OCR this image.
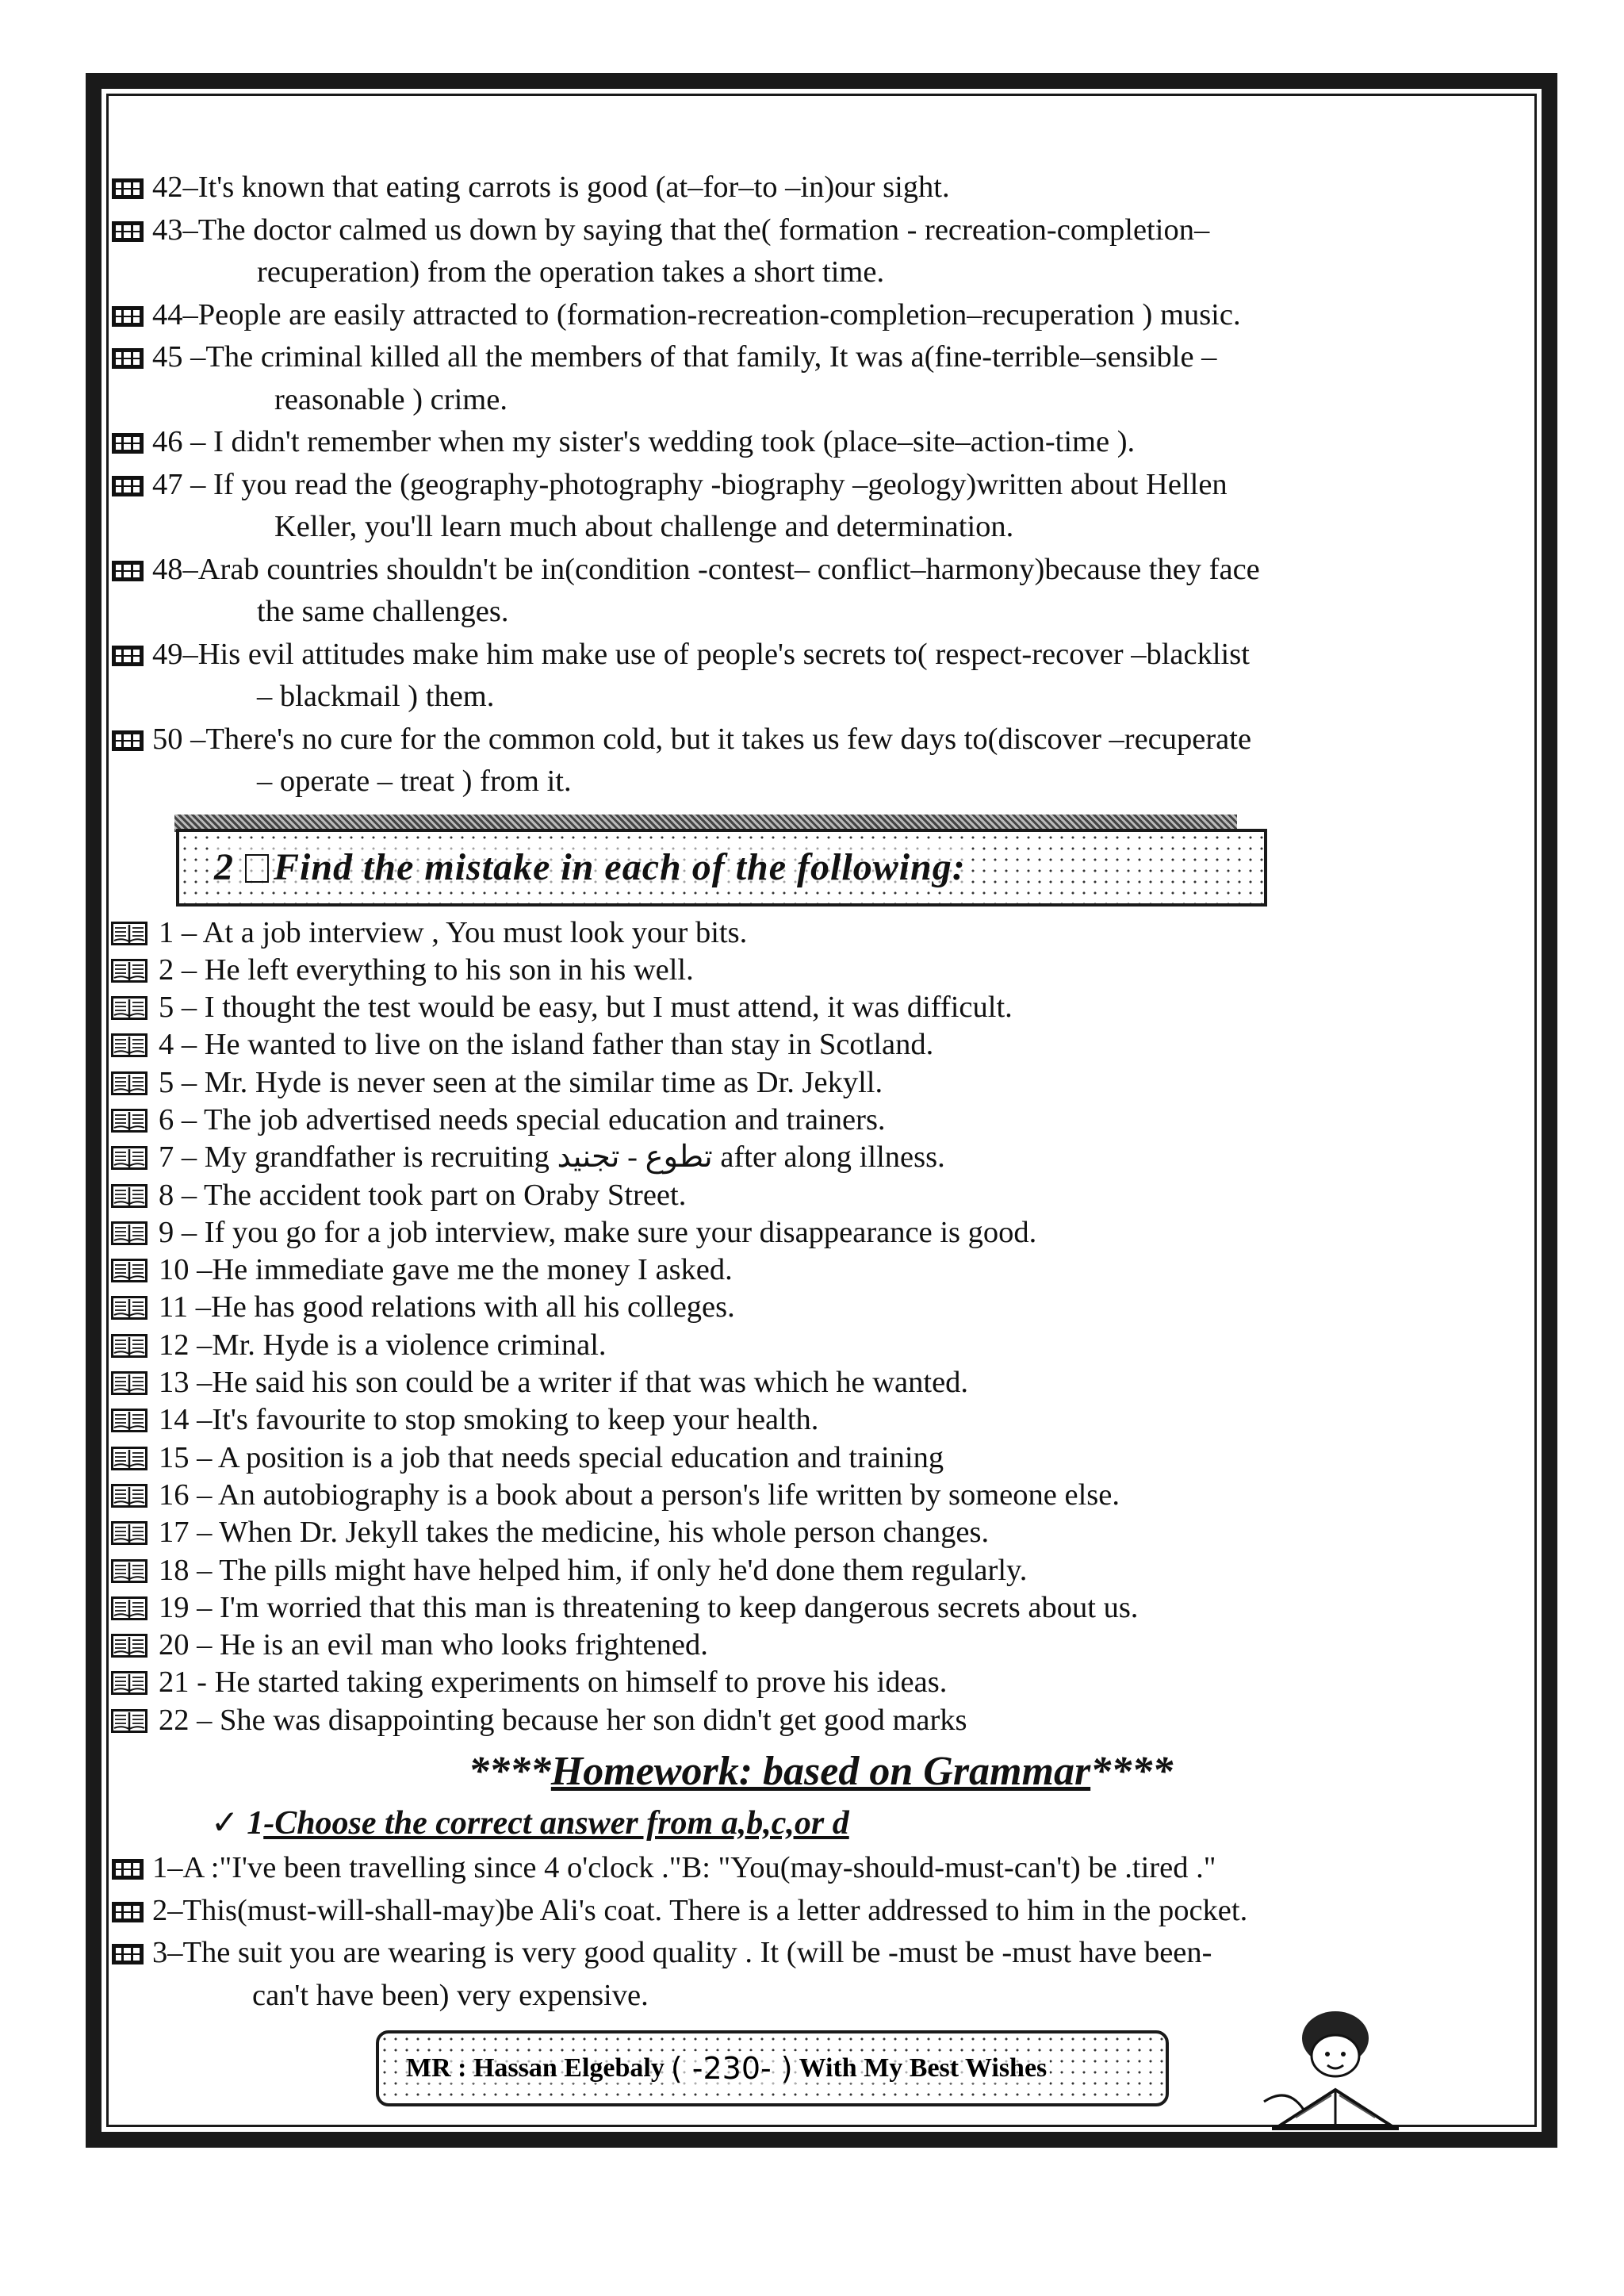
42–It's known that eating carrots is good (at–for–to –in)our sight.
43–The doctor calmed us down by saying that the( formation - recreation-completion–
recuperation) from the operation takes a short time.
44–People are easily attracted to (formation-recreation-completion–recuperation ) music.
45 –The criminal killed all the members of that family, It was a(fine-terrible–sensible –
reasonable ) crime.
46 – I didn't remember when my sister's wedding took (place–site–action-time ).
47 – If you read the (geography-photography -biography –geology)written about Hellen
Keller, you'll learn much about challenge and determination.
48–Arab countries shouldn't be in(condition -contest– conflict–harmony)because they face
the same challenges.
49–His evil attitudes make him make use of people's secrets to( respect-recover –blacklist
– blackmail ) them.
50 –There's no cure for the common cold, but it takes us few days to(discover –recuperate
– operate – treat ) from it.
2 Find the mistake in each of the following:
1 – At a job interview , You must look your bits.
2 – He left everything to his son in his well.
5 – I thought the test would be easy, but I must attend, it was difficult.
4 – He wanted to live on the island father than stay in Scotland.
5 – Mr. Hyde is never seen at the similar time as Dr. Jekyll.
6 – The job advertised needs special education and trainers.
7 – My grandfather is recruiting تطوع - تجنيد after along illness.
8 – The accident took part on Oraby Street.
9 – If you go for a job interview, make sure your disappearance is good.
10 –He immediate gave me the money I asked.
11 –He has good relations with all his colleges.
12 –Mr. Hyde is a violence criminal.
13 –He said his son could be a writer if that was which he wanted.
14 –It's favourite to stop smoking to keep your health.
15 – A position is a job that needs special education and training
16 – An autobiography is a book about a person's life written by someone else.
17 – When Dr. Jekyll takes the medicine, his whole person changes.
18 – The pills might have helped him, if only he'd done them regularly.
19 – I'm worried that this man is threatening to keep dangerous secrets about us.
20 – He is an evil man who looks frightened.
21 - He started taking experiments on himself to prove his ideas.
22 – She was disappointing because her son didn't get good marks
****Homework: based on Grammar****
✓ 1-Choose the correct answer from a,b,c,or d
1–A :"I've been travelling since 4 o'clock ."B: "You(may-should-must-can't) be .tired ."
2–This(must-will-shall-may)be Ali's coat. There is a letter addressed to him in the pocket.
3–The suit you are wearing is very good quality . It (will be -must be -must have been-
can't have been) very expensive.
MR : Hassan Elgebaly ( -230- ) With My Best Wishes
